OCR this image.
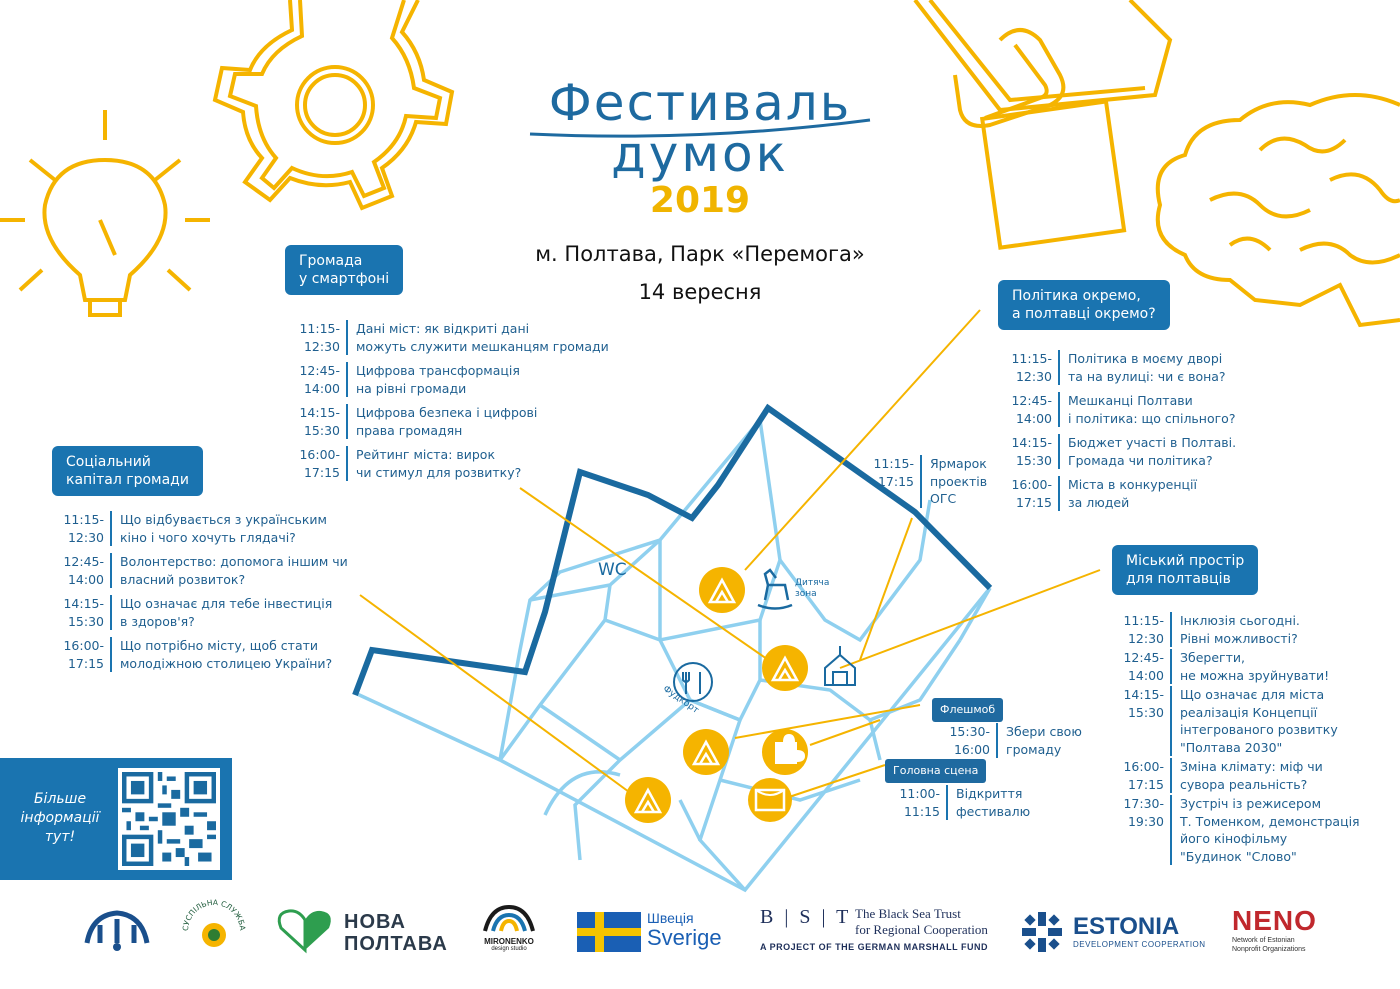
Фестиваль
думок
2019
м. Полтава, Парк «Перемога»
14 вересня
Громада
у смартфоні
11:15-12:30
Дані міст: як відкриті дані
можуть служити мешканцям громади
12:45-14:00
Цифрова трансформація
на рівні громади
14:15-15:30
Цифрова безпека і цифрові
права громадян
16:00-17:15
Рейтинг міста: вирок
чи стимул для розвитку?
Соціальний
капітал громади
11:15-12:30
Що відбувається з українським
кіно і чого хочуть глядачі?
12:45-14:00
Волонтерство: допомога іншим чи
власний розвиток?
14:15-15:30
Що означає для тебе інвестиція
в здоров'я?
16:00-17:15
Що потрібно місту, щоб стати
молодіжною столицею України?
Політика окремо,
а полтавці окремо?
11:15-12:30
Політика в моєму дворі
та на вулиці: чи є вона?
12:45-14:00
Мешканці Полтави
і політика: що спільного?
14:15-15:30
Бюджет участі в Полтаві.
Громада чи політика?
16:00-17:15
Міста в конкуренції
за людей
11:15-17:15
Ярмарок
проектів
ОГС
Міський простір
для полтавців
11:15-12:30
Інклюзія сьогодні.
Рівні можливості?
12:45-14:00
Зберегти,
не можна зруйнувати!
14:15-15:30
Що означає для міста
реалізація Концепції
інтегрованого розвитку
"Полтава 2030"
16:00-17:15
Зміна клімату: міф чи
сувора реальність?
17:30-19:30
Зустріч із режисером
Т. Томенком, демонстрація
його кінофільму
"Будинок "Слово"
Флешмоб
15:30-16:00
Збери свою
громаду
Головна сцена
11:00-11:15
Відкриття
фестивалю
WC
Дитяча зона
Фудкорт
Більше
інформації
тут!
СУСПІЛЬНА СЛУЖБА	НОВА
ПОЛТАВА	MIRONENKO
design studio
Швеція
Sverige
B | S | T The Black Sea Trust
for Regional Cooperation
A PROJECT OF THE GERMAN MARSHALL FUND
ESTONIA
DEVELOPMENT COOPERATION
NENO
Network of Estonian
Nonprofit Organizations
